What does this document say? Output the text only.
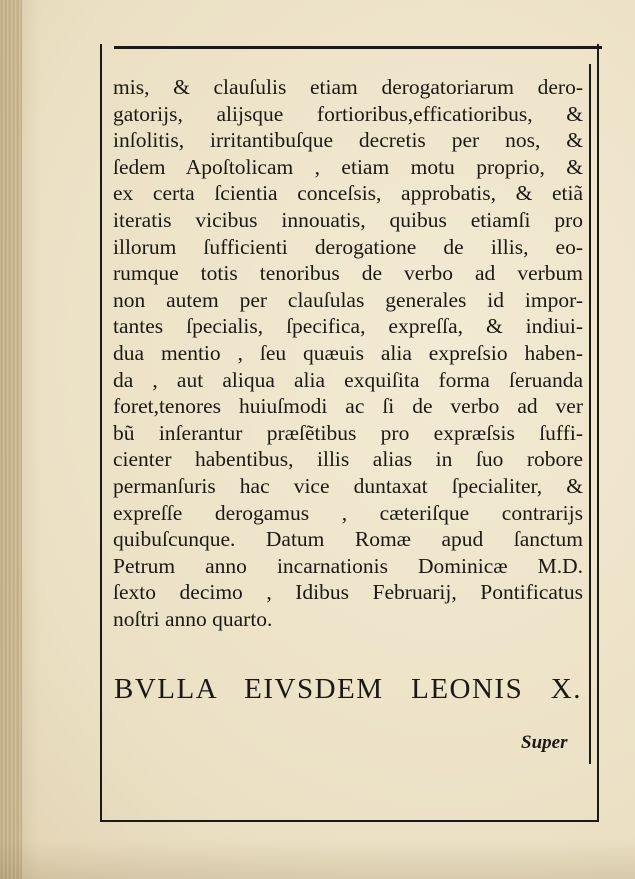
mis, & clauſulis etiam derogatoriarum dero-
gatorijs, alijsque fortioribus,efficatioribus, &
inſolitis, irritantibuſque decretis per nos, &
ſedem Apoſtolicam , etiam motu proprio, &
ex certa ſcientia conceſsis, approbatis, & etiã
iteratis vicibus innouatis, quibus etiamſi pro
illorum ſufficienti derogatione de illis, eo-
rumque totis tenoribus de verbo ad verbum
non autem per clauſulas generales id impor-
tantes ſpecialis, ſpecifica, expreſſa, & indiui-
dua mentio , ſeu quæuis alia expreſsio haben-
da , aut aliqua alia exquiſita forma ſeruanda
foret,tenores huiuſmodi ac ſi de verbo ad ver
bũ inſerantur præſẽtibus pro expræſsis ſuffi-
cienter habentibus, illis alias in ſuo robore
permanſuris hac vice duntaxat ſpecialiter, &
expreſſe derogamus , cæteriſque contrarijs
quibuſcunque. Datum Romæ apud ſanctum
Petrum anno incarnationis Dominicæ M.D.
ſexto decimo , Idibus Februarij, Pontificatus
noſtri anno quarto.
BVLLA EIVSDEM LEONIS X.
Super
